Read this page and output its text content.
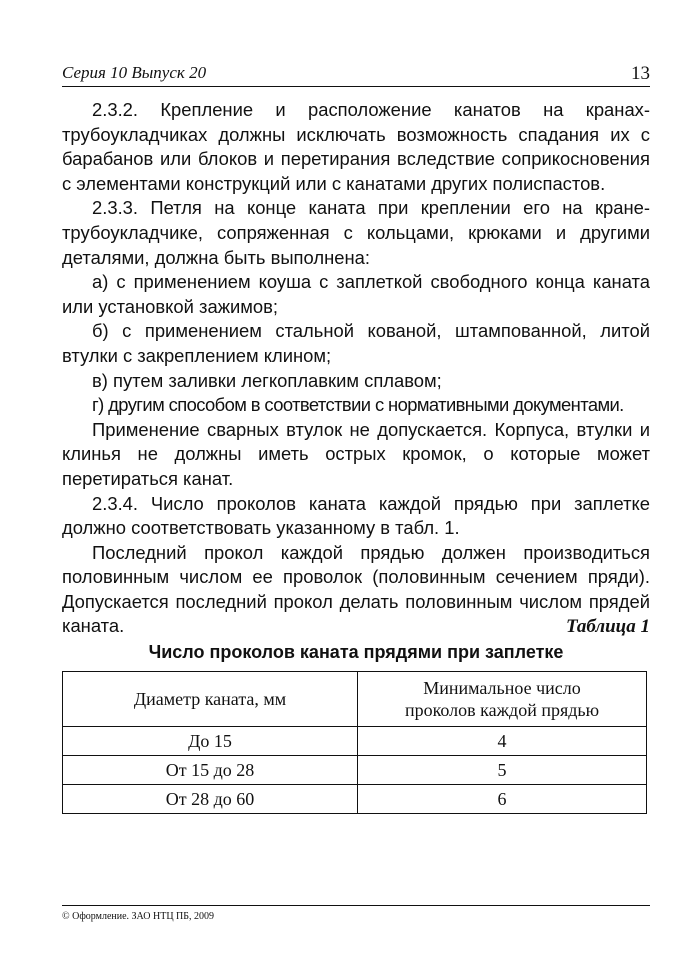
Серия 10 Выпуск 20	13

2.3.2. Крепление и расположение канатов на кранах-трубоукладчиках должны исключать возможность спадания их с барабанов или блоков и перетирания вследствие соприкосновения с элементами конструкций или с канатами других полиспастов.

2.3.3. Петля на конце каната при креплении его на кране-трубоукладчике, сопряженная с кольцами, крюками и другими деталями, должна быть выполнена:

а) с применением коуша с заплеткой свободного конца каната или установкой зажимов;

б) с применением стальной кованой, штампованной, литой втулки с закреплением клином;

в) путем заливки легкоплавким сплавом;

г) другим способом в соответствии с нормативными документами.

Применение сварных втулок не допускается. Корпуса, втулки и клинья не должны иметь острых кромок, о которые может перетираться канат.

2.3.4. Число проколов каната каждой прядью при заплетке должно соответствовать указанному в табл. 1.

Последний прокол каждой прядью должен производиться половинным числом ее проволок (половинным сечением пряди). Допускается последний прокол делать половинным числом прядей каната.	Таблица 1
Число проколов каната прядями при заплетке
Диаметр каната, мм	Минимальное число проколов каждой прядью
До 15	4
От 15 до 28	5
От 28 до 60	6
© Оформление. ЗАО НТЦ ПБ, 2009
